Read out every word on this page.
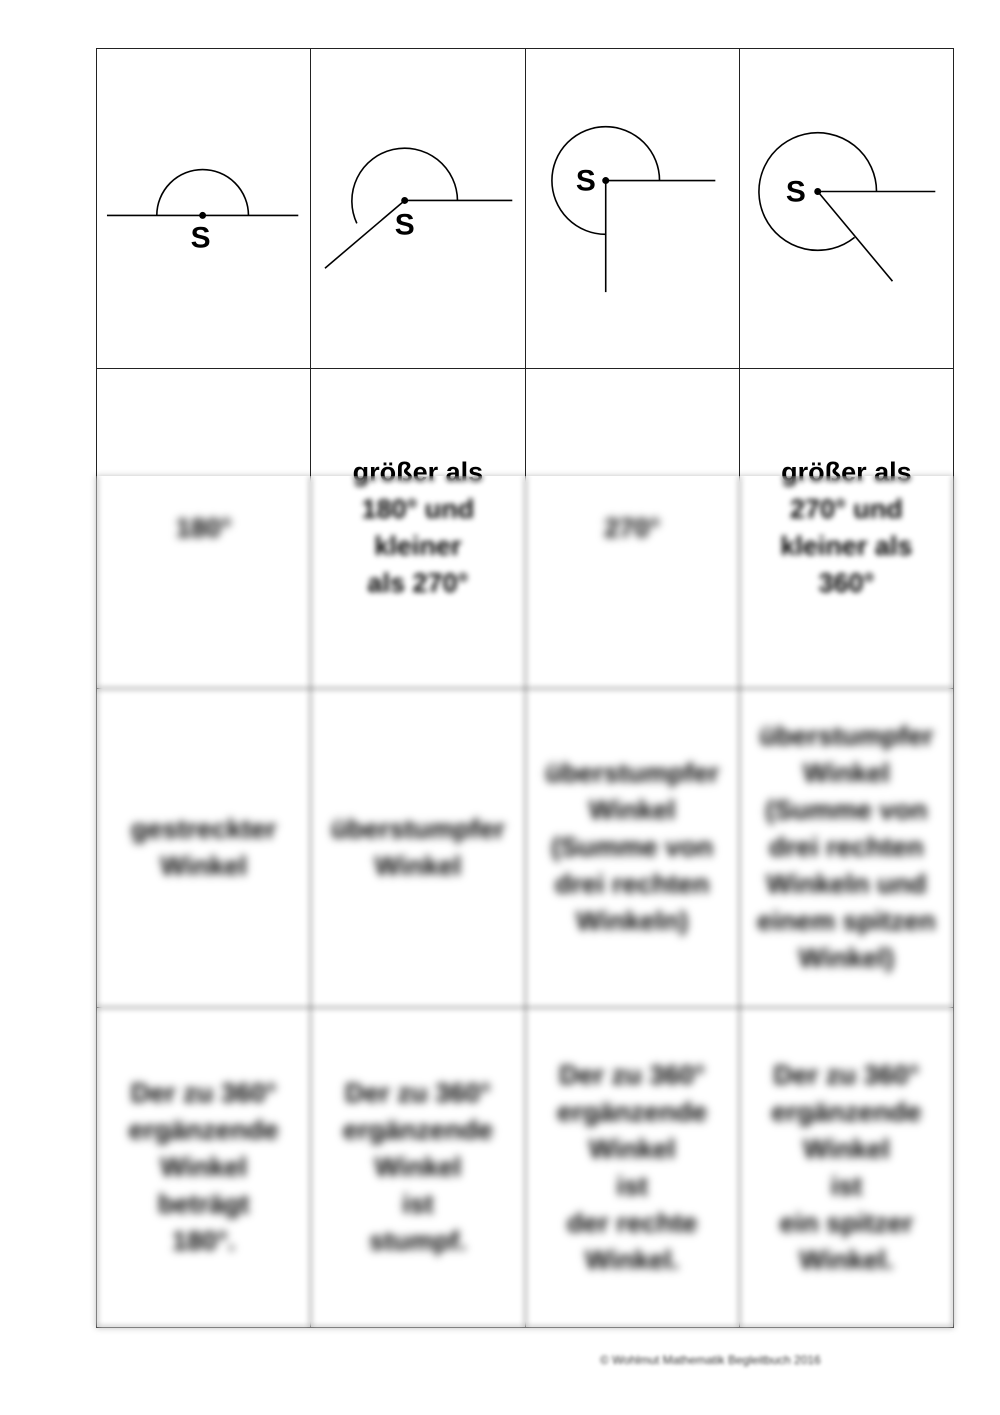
S	S
S	S
180°
größer als
180° und
kleiner
als 270°
270°
größer als
270° und
kleiner als
360°
gestreckter
Winkel
überstumpfer
Winkel
überstumpfer
Winkel
(Summe von
drei rechten
Winkeln)
überstumpfer
Winkel
(Summe von
drei rechten
Winkeln und
einem spitzen
Winkel)
Der zu 360°
ergänzende
Winkel
beträgt
180°.
Der zu 360°
ergänzende
Winkel
ist
stumpf.
Der zu 360°
ergänzende
Winkel
ist
der rechte
Winkel.
Der zu 360°
ergänzende
Winkel
ist
ein spitzer
Winkel.
© Wohlmut Mathematik Begleitbuch 2016
